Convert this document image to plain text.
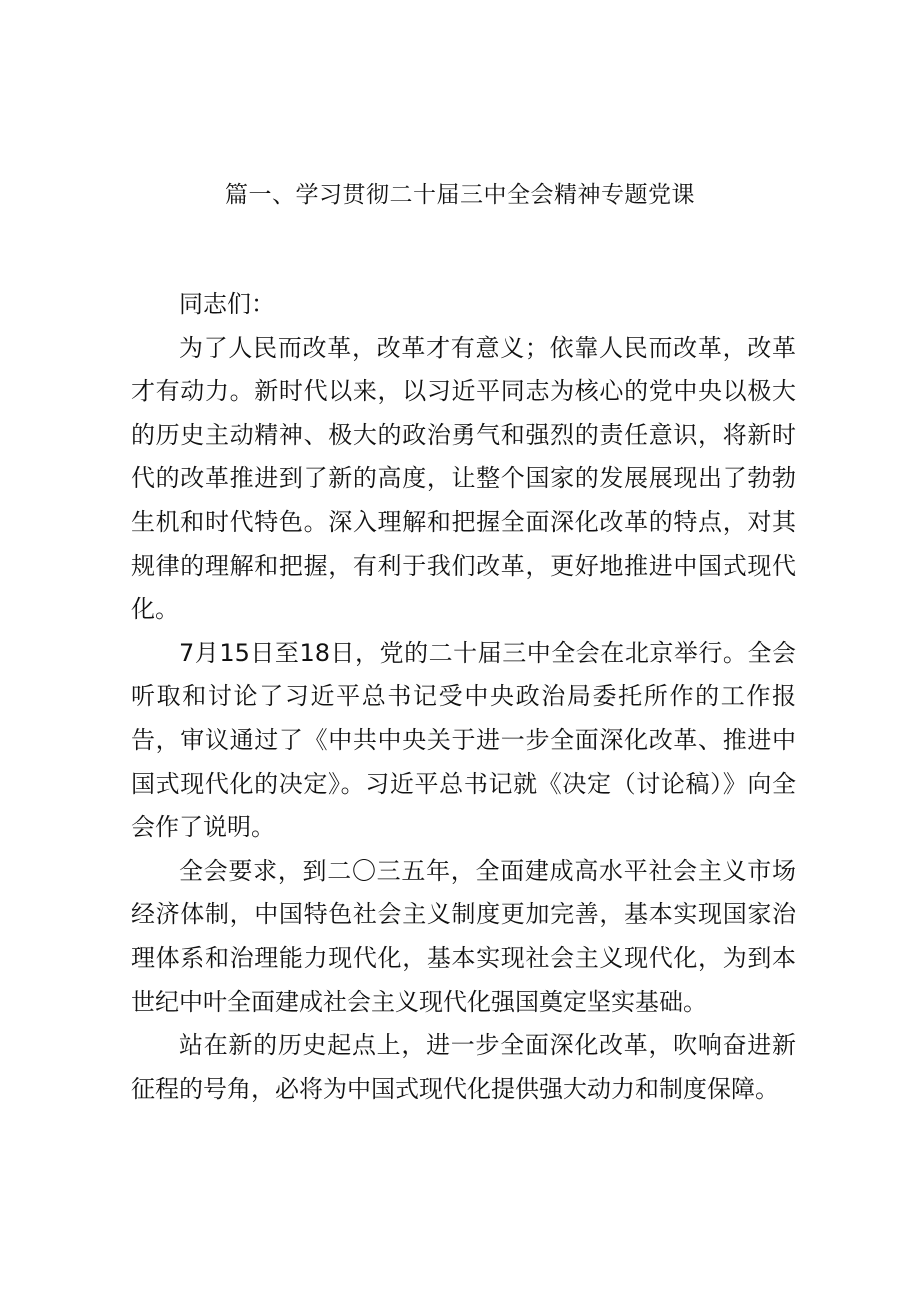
篇一、学习贯彻二十届三中全会精神专题党课

同志们：

为了人民而改革，改革才有意义；依靠人民而改革，改革才有动力。新时代以来，以习近平同志为核心的党中央以极大的历史主动精神、极大的政治勇气和强烈的责任意识，将新时代的改革推进到了新的高度，让整个国家的发展展现出了勃勃生机和时代特色。深入理解和把握全面深化改革的特点，对其规律的理解和把握，有利于我们改革，更好地推进中国式现代化。

7月15日至18日，党的二十届三中全会在北京举行。全会听取和讨论了习近平总书记受中央政治局委托所作的工作报告，审议通过了《中共中央关于进一步全面深化改革、推进中国式现代化的决定》。习近平总书记就《决定（讨论稿）》向全会作了说明。

全会要求，到二〇三五年，全面建成高水平社会主义市场经济体制，中国特色社会主义制度更加完善，基本实现国家治理体系和治理能力现代化，基本实现社会主义现代化，为到本世纪中叶全面建成社会主义现代化强国奠定坚实基础。

站在新的历史起点上，进一步全面深化改革，吹响奋进新征程的号角，必将为中国式现代化提供强大动力和制度保障。
